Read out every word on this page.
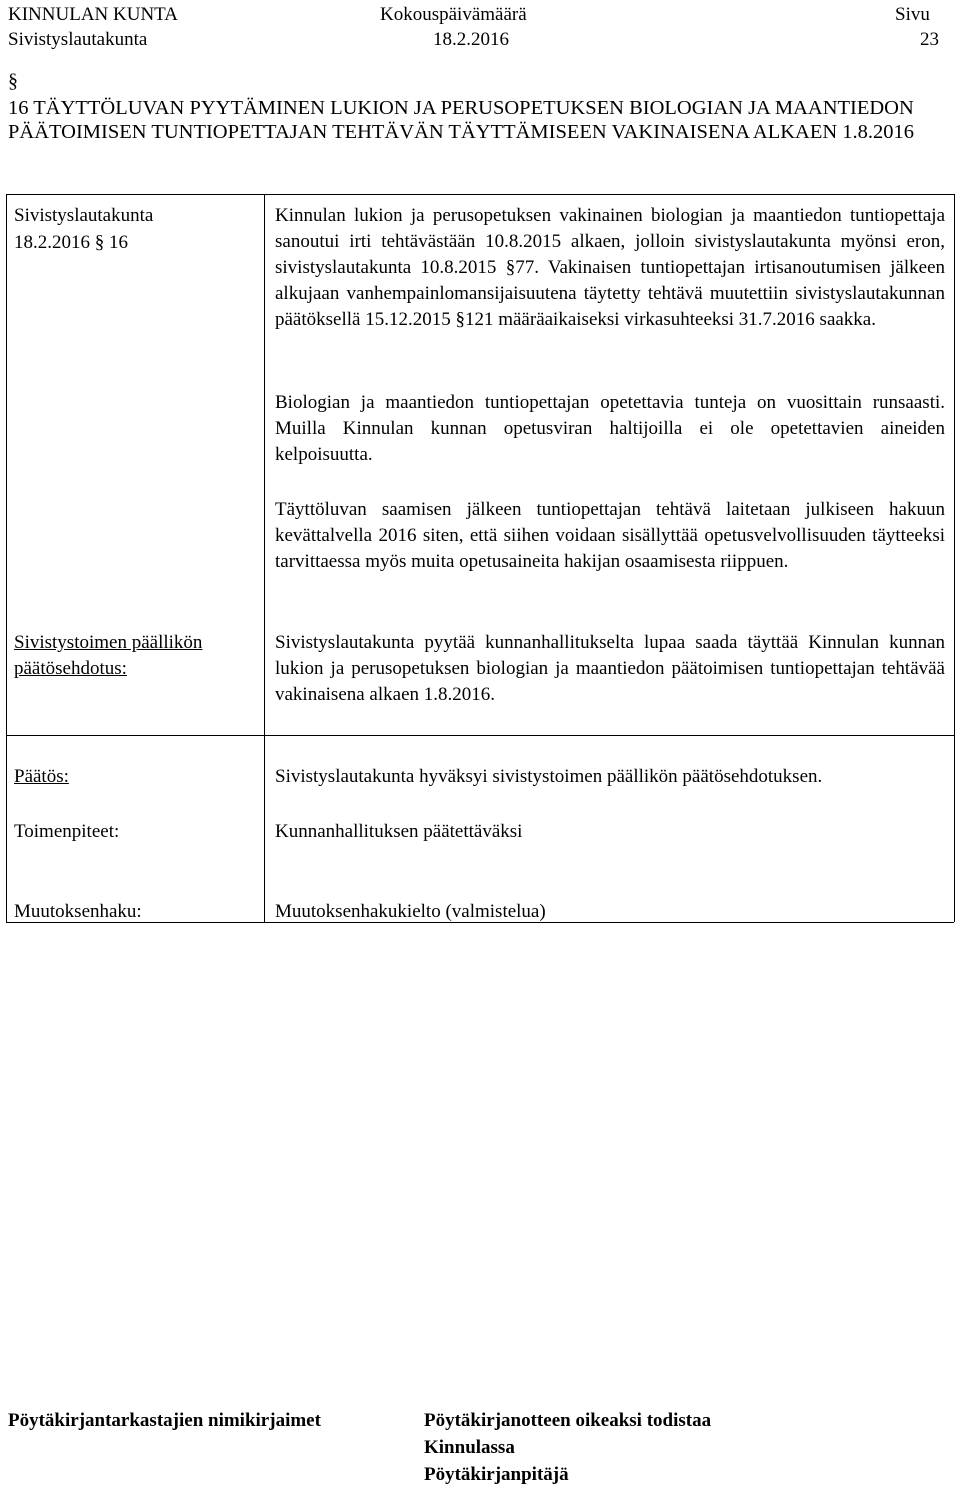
KINNULAN KUNTA
Sivistyslautakunta
Kokouspäivämäärä
18.2.2016
Sivu
23
§
16 TÄYTTÖLUVAN PYYTÄMINEN LUKION JA PERUSOPETUKSEN BIOLOGIAN JA MAANTIEDON PÄÄTOIMISEN TUNTIOPETTAJAN TEHTÄVÄN TÄYTTÄMISEEN VAKINAISENA ALKAEN 1.8.2016
Sivistyslautakunta
18.2.2016 § 16
Sivistystoimen päällikön
päätösehdotus:
Päätös:
Toimenpiteet:
Muutoksenhaku:
Kinnulan lukion ja perusopetuksen vakinainen biologian ja maantiedon tuntiopettaja sanoutui irti tehtävästään 10.8.2015 alkaen, jolloin sivistyslautakunta myönsi eron, sivistyslautakunta 10.8.2015 §77. Vakinaisen tuntiopettajan irtisanoutumisen jälkeen alkujaan vanhempainlomansijaisuutena täytetty tehtävä muutettiin sivistyslautakunnan päätöksellä 15.12.2015 §121 määräaikaiseksi virkasuhteeksi 31.7.2016 saakka.
Biologian ja maantiedon tuntiopettajan opetettavia tunteja on vuosittain runsaasti. Muilla Kinnulan kunnan opetusviran haltijoilla ei ole opetettavien aineiden kelpoisuutta.
Täyttöluvan saamisen jälkeen tuntiopettajan tehtävä laitetaan julkiseen hakuun kevättalvella 2016 siten, että siihen voidaan sisällyttää opetusvelvollisuuden täytteeksi tarvittaessa myös muita opetusaineita hakijan osaamisesta riippuen.
Sivistyslautakunta pyytää kunnanhallitukselta lupaa saada täyttää Kinnulan kunnan lukion ja perusopetuksen biologian ja maantiedon päätoimisen tuntiopettajan tehtävää vakinaisena alkaen 1.8.2016.
Sivistyslautakunta hyväksyi sivistystoimen päällikön päätösehdotuksen.
Kunnanhallituksen päätettäväksi
Muutoksenhakukielto (valmistelua)
Pöytäkirjantarkastajien nimikirjaimet	Pöytäkirjanotteen oikeaksi todistaa
Kinnulassa
Pöytäkirjanpitäjä
